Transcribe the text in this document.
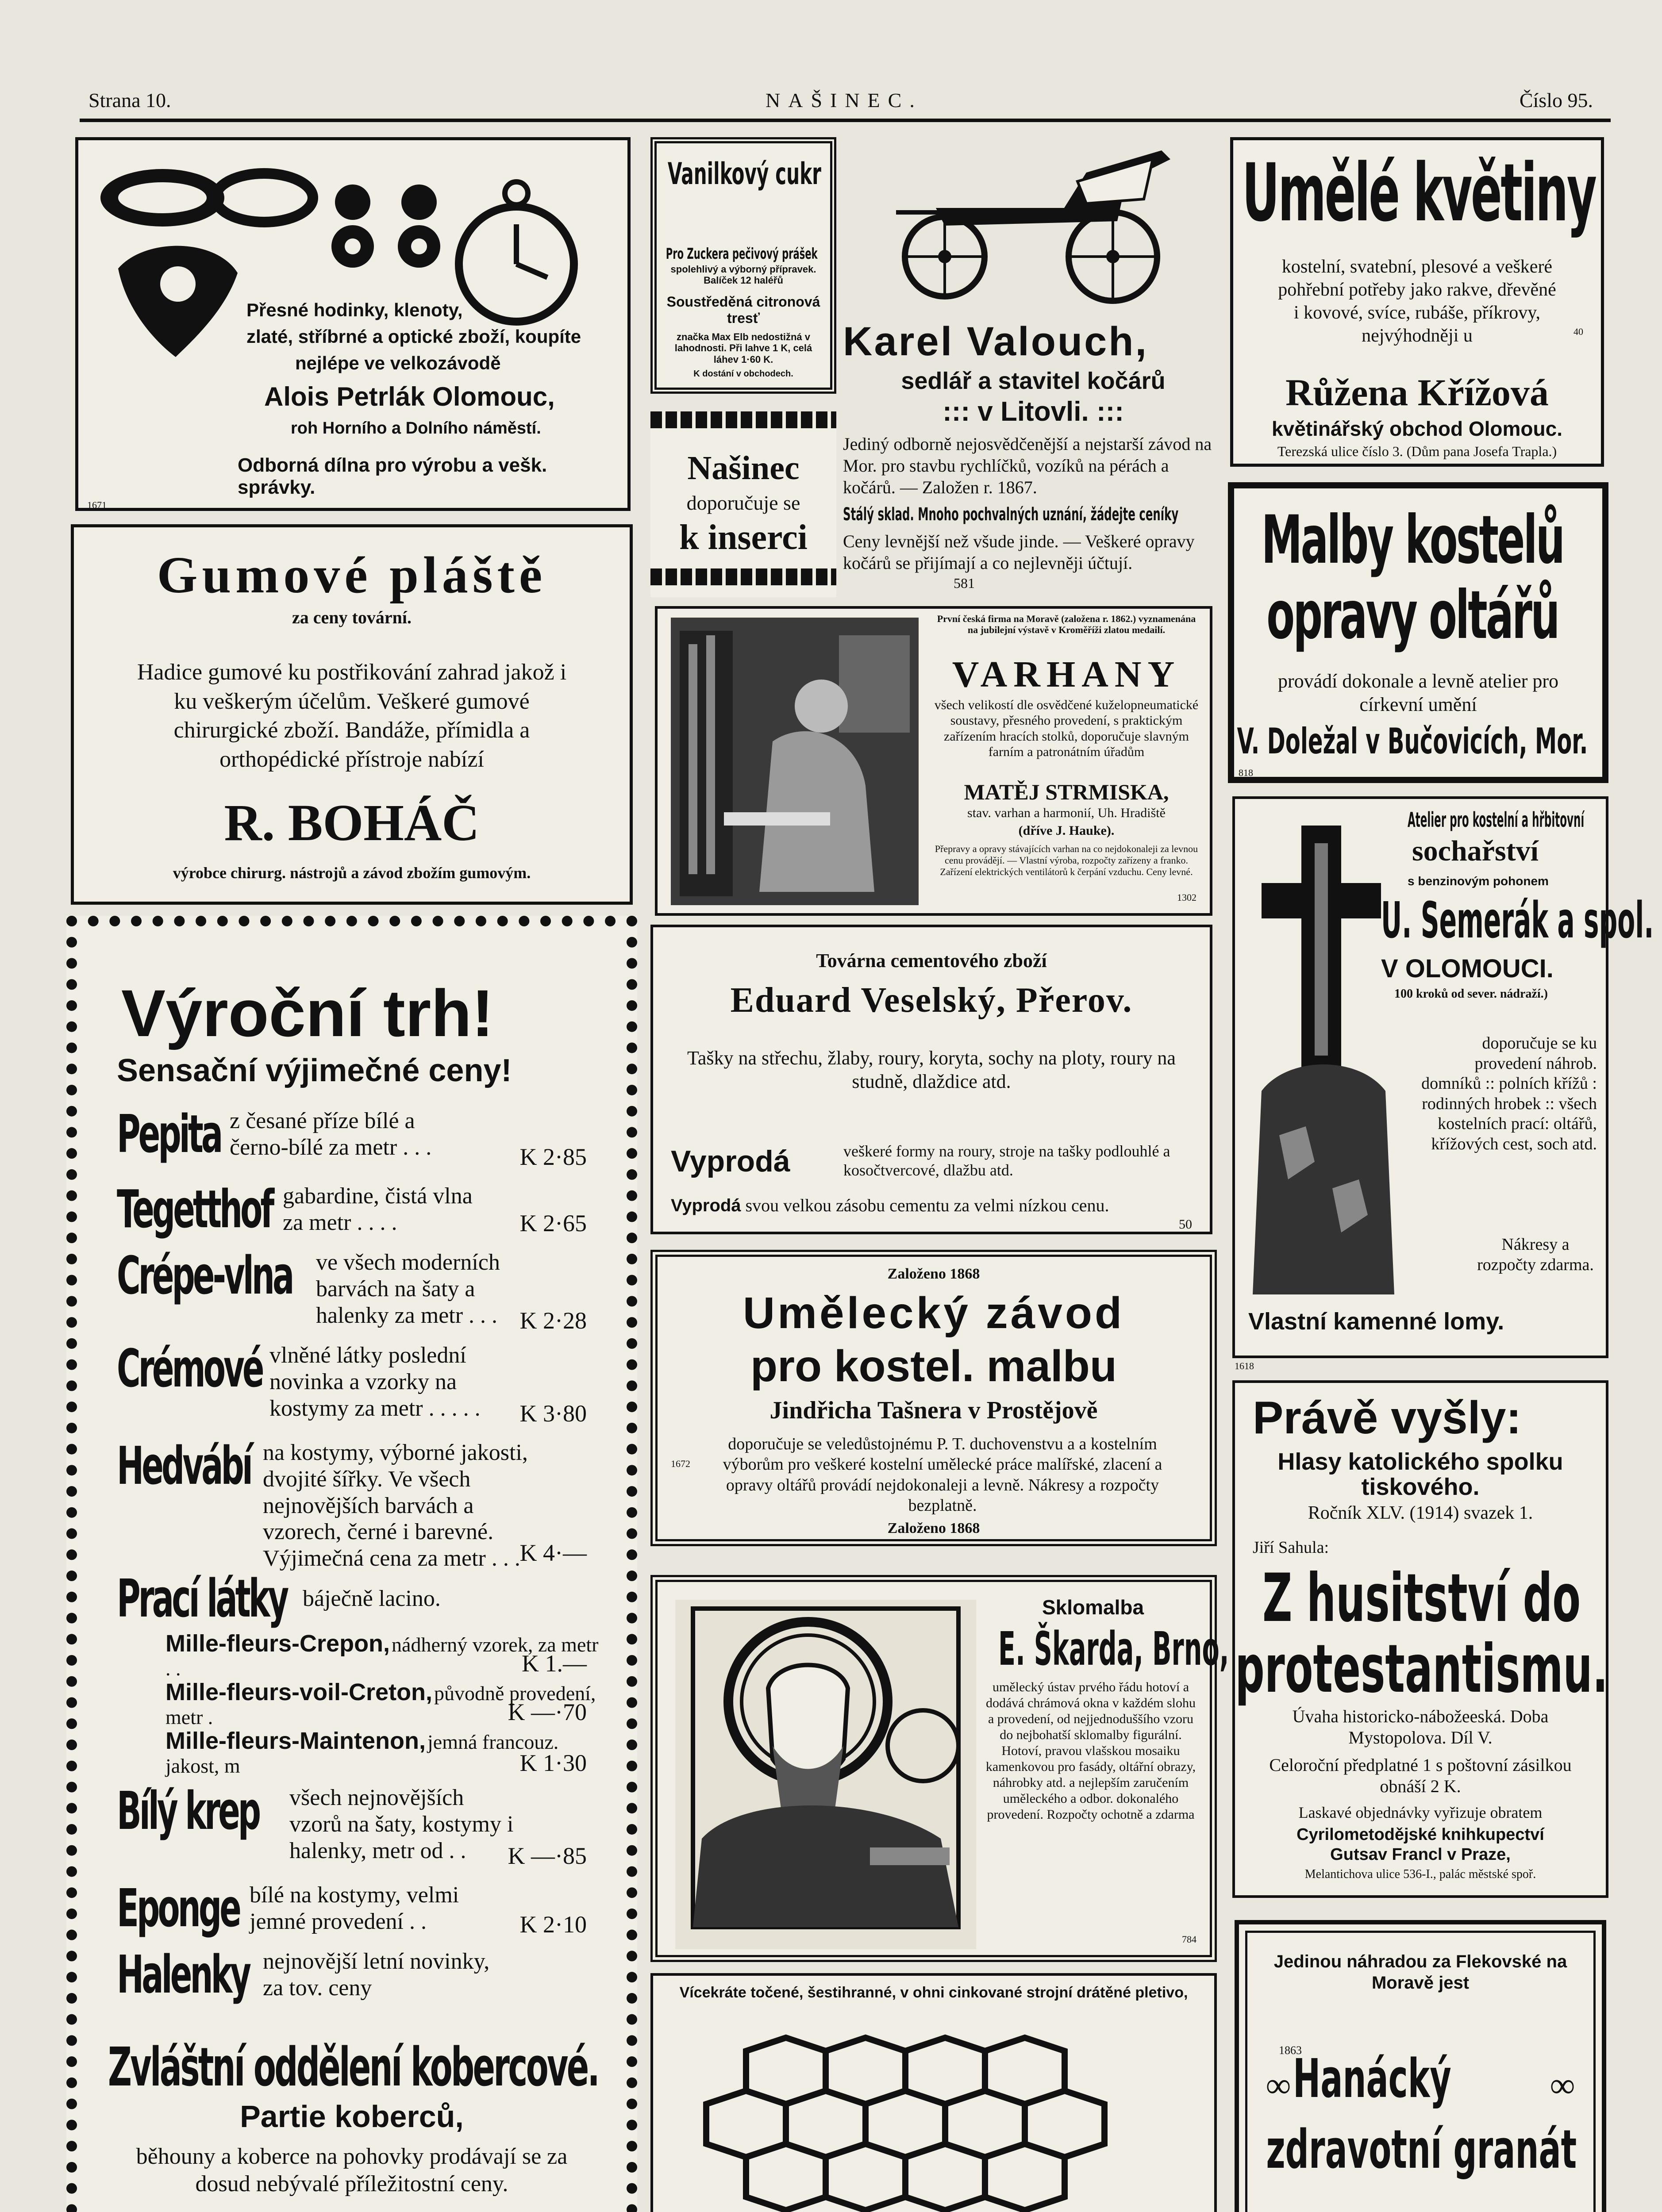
Strana 10.	NAŠINEC.	Číslo 95.
Přesné hodinky, klenoty,
zlaté, stříbrné a optické zboží, koupíte
nejlépe ve velkozávodě
Alois Petrlák Olomouc,
roh Horního a Dolního náměstí.
Odborná dílna pro výrobu a vešk. správky.
1671
Gumové pláště
za ceny tovární.
Hadice gumové ku postřikování zahrad jakož i ku veškerým účelům. Veškeré gumové chirurgické zboží. Bandáže, přímidla a orthopédické přístroje nabízí
R. BOHÁČ
výrobce chirurg. nástrojů a závod zbožím gumovým.
Výroční trh!
Sensační výjimečné ceny!
Pepita z česané příze bílé a černo-bílé za metr . . .	K 2·85
Tegetthof gabardine, čistá vlna za metr . . . .	K 2·65
Crépe-vlna ve všech moderních barvách na šaty a halenky za metr . . . K 2·28
Crémové vlněné látky poslední novinka a vzorky na kostymy za metr . . . . .	K 3·80
Hedvábí na kostymy, výborné jakosti, dvojité šířky. Ve všech nejnovějších barvách a vzorech, černé i barevné. Výjimečná cena za metr . . .
K 4·—
Prací látky báječně lacino.
Mille-fleurs-Crepon, nádherný vzorek, za metr . .	K 1.—
Mille-fleurs-voil-Creton, původně provedení, metr .	K —·70
Mille-fleurs-Maintenon, jemná francouz. jakost, m	K 1·30
Bílý krep všech nejnovějších vzorů na šaty, kostymy i halenky, metr od . .	K —·85
Eponge bílé na kostymy, velmi jemné provedení . .	K 2·10
Halenky nejnovější letní novinky, za tov. ceny
Zvláštní oddělení kobercové.
Partie koberců,
běhouny a koberce na pohovky prodávají se za dosud nebývalé příležitostní ceny.
Vanilkový cukr
Pro Zuckera pečivový prášek
spolehlivý a výborný přípravek. Balíček 12 haléřů
Soustředěná citronová tresť
značka Max Elb nedostižná v lahodnosti. Při lahve 1 K, celá láhev 1·60 K.
K dostání v obchodech.
Našinec
doporučuje se
k inserci
Karel Valouch,
sedlář a stavitel kočárů
::: v Litovli. :::
Jediný odborně nejosvědčenější a nejstarší závod na Mor. pro stavbu rychlíčků, vozíků na pérách a kočárů. — Založen r. 1867.
Stálý sklad. Mnoho pochvalných uznání, žádejte ceníky
Ceny levnější než všude jinde. — Veškeré opravy kočárů se přijímají a co nejlevněji účtují.
581
Umělé květiny
kostelní, svatební, plesové a veškeré pohřební potřeby jako rakve, dřevěné i kovové, svíce, rubáše, příkrovy, nejvýhodněji u	40
Růžena Křížová
květinářský obchod Olomouc.
Terezská ulice číslo 3. (Dům pana Josefa Trapla.)
Malby kostelů
opravy oltářů
provádí dokonale a levně atelier pro církevní umění
V. Doležal v Bučovicích, Mor.
818
První česká firma na Moravě (založena r. 1862.) vyznamenána na jubilejní výstavě v Kroměříži zlatou medailí.
VARHANY
všech velikostí dle osvědčené kuželopneumatické soustavy, přesného provedení, s praktickým zařízením hracích stolků, doporučuje slavným farním a patronátním úřadům
MATĚJ STRMISKA,
stav. varhan a harmonií, Uh. Hradiště
(dříve J. Hauke).
Přepravy a opravy stávajících varhan na co nejdokonaleji za levnou cenu provádějí. — Vlastní výroba, rozpočty zařízeny a franko. Zařízení elektrických ventilátorů k čerpání vzduchu. Ceny levné.
1302
Atelier pro kostelní a hřbitovní
sochařství
s benzinovým pohonem
U. Semerák a spol.
V OLOMOUCI.
100 kroků od sever. nádraží.)
doporučuje se ku provedení náhrob. domníků :: polních křížů : rodinných hrobek :: všech kostelních prací: oltářů, křížových cest, soch atd.
Nákresy a rozpočty zdarma.
Vlastní kamenné lomy.
1618
Továrna cementového zboží
Eduard Veselský, Přerov.
Tašky na střechu, žlaby, roury, koryta, sochy na ploty, roury na studně, dlaždice atd.
Vyprodá	veškeré formy na roury, stroje na tašky podlouhlé a kosočtvercové, dlažbu atd.
Vyprodá svou velkou zásobu cementu za velmi nízkou cenu.
50
Založeno 1868
Umělecký závod
pro kostel. malbu
Jindřicha Tašnera v Prostějově
doporučuje se veledůstojnému P. T. duchovenstvu a a kostelním výborům pro veškeré kostelní umělecké práce malířské, zlacení a opravy oltářů provádí nejdokonaleji a levně. Nákresy a rozpočty bezplatně.
1672
Založeno 1868
Právě vyšly:
Hlasy katolického spolku tiskového.
Ročník XLV. (1914) svazek 1.
Jiří Sahula:
Z husitství do
protestantismu.
Úvaha historicko-nábožeeská. Doba Mystopolova. Díl V.
Celoroční předplatné 1 s poštovní zásilkou obnáší 2 K.
Laskavé objednávky vyřizuje obratem
Cyrilometodějské knihkupectví
Gutsav Francl v Praze,
Melantichova ulice 536-I., palác městské spoř.
Sklomalba
E. Škarda, Brno,
umělecký ústav prvého řádu hotoví a dodává chrámová okna v každém slohu a provedení, od nejjednoduššího vzoru do nejbohatší sklomalby figurální. Hotoví, pravou vlašskou mosaiku kamenkovou pro fasády, oltářní obrazy, náhrobky atd. a nejlepším zaručením uměleckého a odbor. dokonalého provedení. Rozpočty ochotně a zdarma
784
Jedinou náhradou za Flekovské na Moravě jest
1863
∞ Hanácký	∞
zdravotní granát
Vícekráte točené, šestihranné, v ohni cinkované strojní drátěné pletivo,
